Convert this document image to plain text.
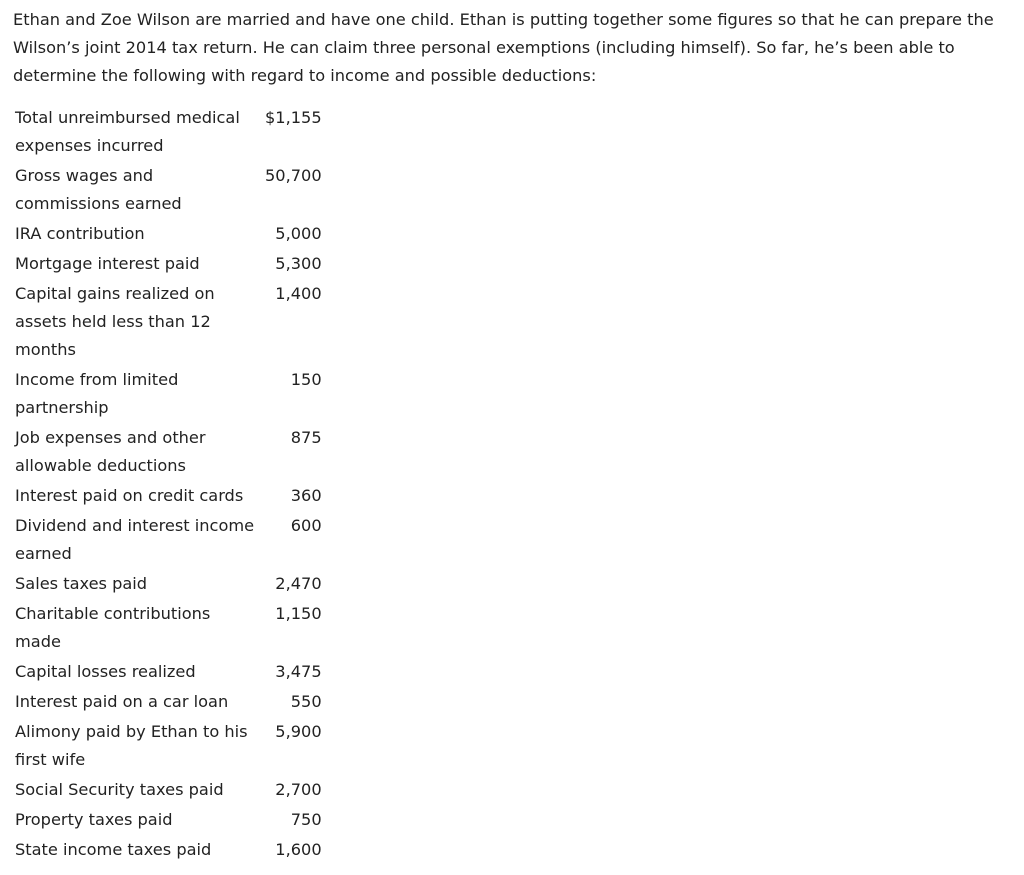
Ethan and Zoe Wilson are married and have one child. Ethan is putting together some figures so that he can prepare the Wilson’s joint 2014 tax return. He can claim three personal exemptions (including himself). So far, he’s been able to determine the following with regard to income and possible deductions:

Total unreimbursed medical expenses incurred	$1,155
Gross wages and commissions earned	50,700
IRA contribution	5,000
Mortgage interest paid	5,300
Capital gains realized on assets held less than 12 months	1,400
Income from limited partnership	150
Job expenses and other allowable deductions	875
Interest paid on credit cards	360
Dividend and interest income earned	600
Sales taxes paid	2,470
Charitable contributions made	1,150
Capital losses realized	3,475
Interest paid on a car loan	550
Alimony paid by Ethan to his first wife	5,900
Social Security taxes paid	2,700
Property taxes paid	750
State income taxes paid	1,600
